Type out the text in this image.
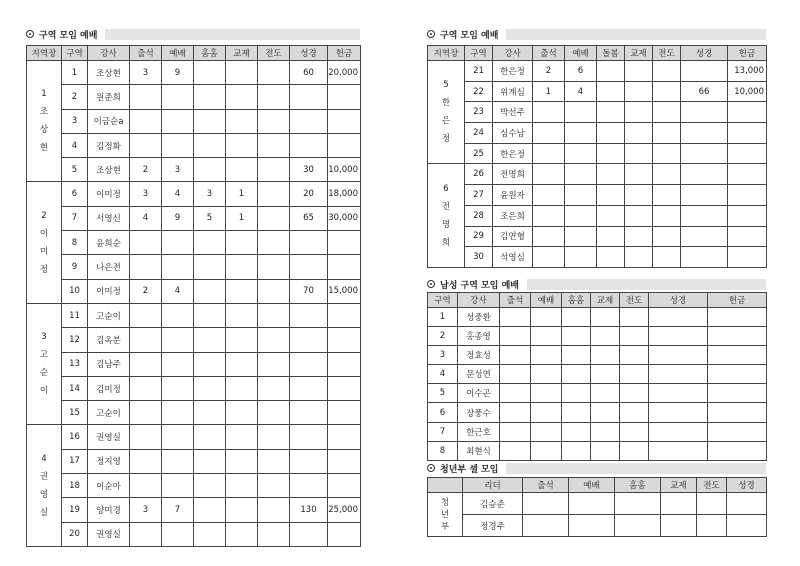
구역 모임 예배
지역장	구역	강사	출석	예배	홈홈	교제	전도	성경	헌금

1
조
상
현	1	조상현	3	9				60	20,000
	2	원준희							
	3	이금순a							
	4	김정화							
	5	조상현	2	3				30	10,000

2
이
미
정	6	이미정	3	4	3	1		20	18,000
	7	서영신	4	9	5	1		65	30,000
	8	윤희순							
	9	나은전							
	10	이미정	2	4				70	15,000

3
고
순
이	11	고순이							
	12	김옥분							
	13	김남주							
	14	김미정							
	15	고순이							

4
권
영
실	16	권영실							
	17	정지영							
	18	이순아							
	19	양미경	3	7				130	25,000
	20	권영실							
구역 모임 예배
지역장	구역	강사	출석	예배	돌봄	교제	전도	성경	헌금

5
한
은
정	21	한은정	2	6					13,000
	22	위계심	1	4				66	10,000
	23	박선주							
	24	심수남							
	25	한은정							

6
전
명
희	26	전명희							
	27	윤원자							
	28	조은희							
	29	김연형							
	30	석영심							
남성 구역 모임 예배
구역	강사	출석	예배	홈홈	교제	전도	성경	헌금
1	성중환							
2	홍종영							
3	정효성							
4	문성연							
5	이수곤							
6	장풍수							
7	한근호							
8	최현식							
청년부 셀 모임
	리더	출석	예배	홈홈	교제	전도	성경

청
년
부	김승준						
	정경주						
